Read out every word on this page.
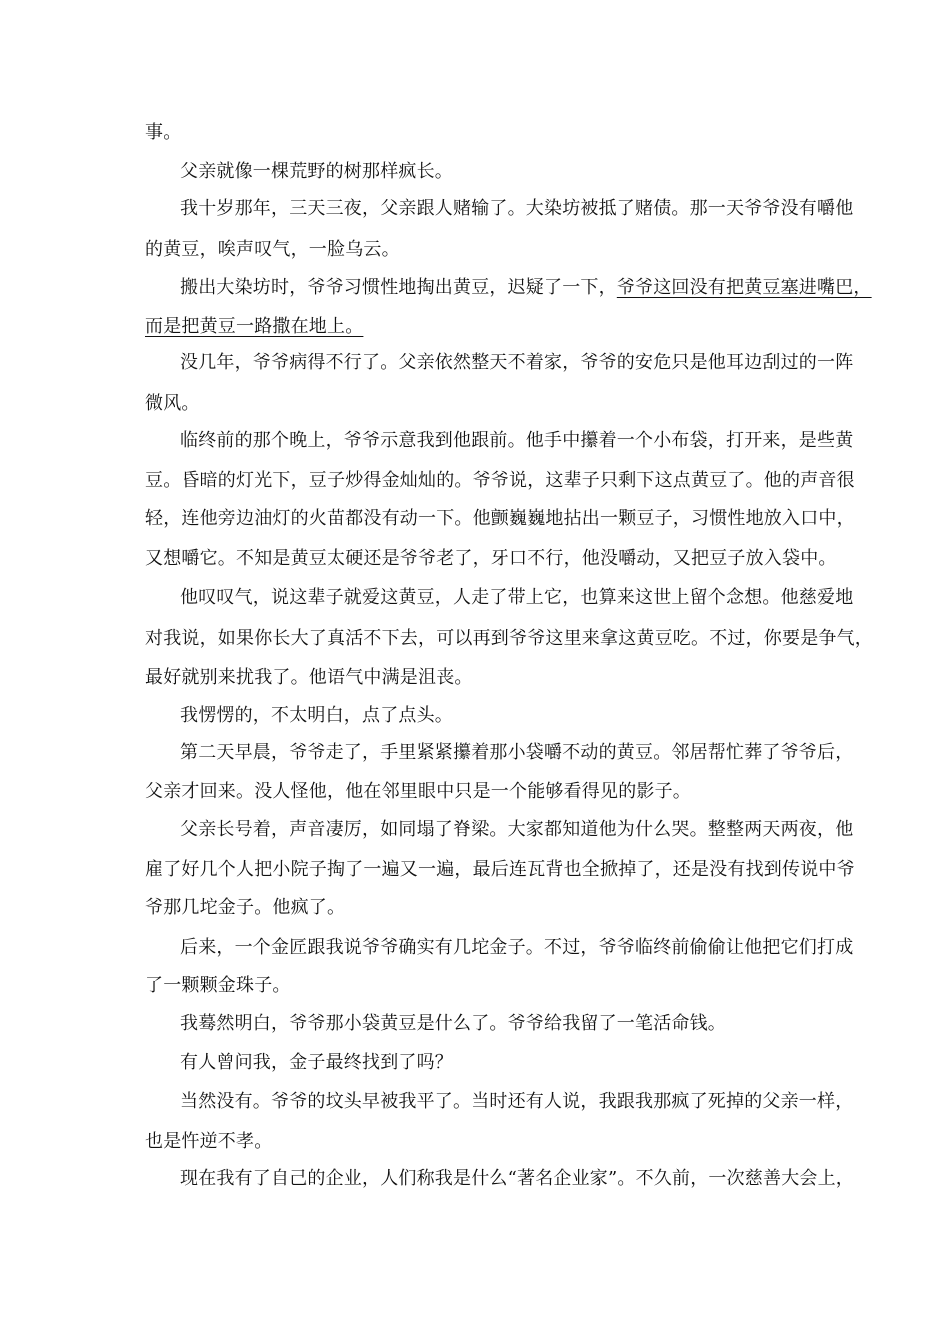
事。
父亲就像一棵荒野的树那样疯长。
我十岁那年，三天三夜，父亲跟人赌输了。大染坊被抵了赌债。那一天爷爷没有嚼他
的黄豆，唉声叹气，一脸乌云。
搬出大染坊时，爷爷习惯性地掏出黄豆，迟疑了一下，爷爷这回没有把黄豆塞进嘴巴，
而是把黄豆一路撒在地上。
没几年，爷爷病得不行了。父亲依然整天不着家，爷爷的安危只是他耳边刮过的一阵
微风。
临终前的那个晚上，爷爷示意我到他跟前。他手中攥着一个小布袋，打开来，是些黄
豆。昏暗的灯光下，豆子炒得金灿灿的。爷爷说，这辈子只剩下这点黄豆了。他的声音很
轻，连他旁边油灯的火苗都没有动一下。他颤巍巍地拈出一颗豆子，习惯性地放入口中，
又想嚼它。不知是黄豆太硬还是爷爷老了，牙口不行，他没嚼动，又把豆子放入袋中。
他叹叹气，说这辈子就爱这黄豆，人走了带上它，也算来这世上留个念想。他慈爱地
对我说，如果你长大了真活不下去，可以再到爷爷这里来拿这黄豆吃。不过，你要是争气，
最好就别来扰我了。他语气中满是沮丧。
我愣愣的，不太明白，点了点头。
第二天早晨，爷爷走了，手里紧紧攥着那小袋嚼不动的黄豆。邻居帮忙葬了爷爷后，
父亲才回来。没人怪他，他在邻里眼中只是一个能够看得见的影子。
父亲长号着，声音凄厉，如同塌了脊梁。大家都知道他为什么哭。整整两天两夜，他
雇了好几个人把小院子掏了一遍又一遍，最后连瓦背也全掀掉了，还是没有找到传说中爷
爷那几坨金子。他疯了。
后来，一个金匠跟我说爷爷确实有几坨金子。不过，爷爷临终前偷偷让他把它们打成
了一颗颗金珠子。
我蓦然明白，爷爷那小袋黄豆是什么了。爷爷给我留了一笔活命钱。
有人曾问我，金子最终找到了吗？
当然没有。爷爷的坟头早被我平了。当时还有人说，我跟我那疯了死掉的父亲一样，
也是忤逆不孝。
现在我有了自己的企业，人们称我是什么“著名企业家”。不久前，一次慈善大会上，
